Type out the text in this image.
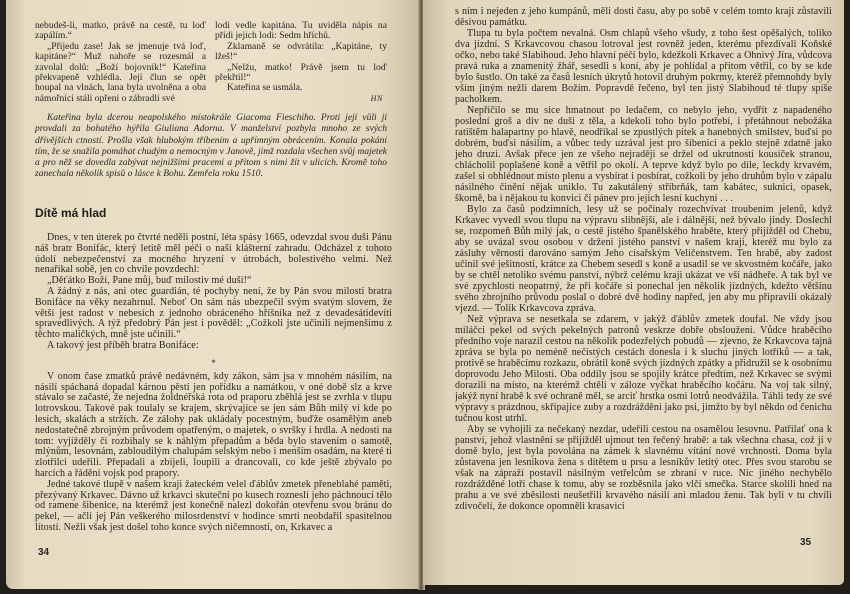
nebudeš-li, matko, právě na cestě, tu loď zapálím.“

„Přijedu zase! Jak se jmenuje tvá loď, kapitáne?“ Muž nahoře se rozesmál a zavolal dolů: „Boží bojovník!“ Kateřina překvapeně vzhlédla. Její člun se opět houpal na vlnách, lana byla uvolněna a oba námořníci stáli opřeni o zábradlí své

lodi vedle kapitána. Tu uviděla nápis na přídi jejich lodi: Sedm hříchů.

Zklamaně se odvrátila: „Kapitáne, ty lžeš!“

„Nelžu, matko! Právě jsem tu loď překřtil!“

Kateřina se usmála.

HN
Kateřina byla dcerou neapolského místokrále Giacoma Fieschiho. Proti její vůli ji provdali za bohatého hýřila Giuliana Adorna. V manželství pozbyla mnoho ze svých dřívějších ctností. Prošla však hlubokým tříbením a upřímným obrácením. Konala pokání tím, že se snažila pomáhat chudým a nemocným v Janově, jimž rozdala všechen svůj majetek a pro něž se dovedla zabývat nejnižšími pracemi a přitom s nimi žít v ulicích. Kromě toho zanechala několik spisů o lásce k Bohu. Zemřela roku 1510.
Dítě má hlad

Dnes, v ten úterek po čtvrté neděli postní, léta spásy 1665, odevzdal svou duši Pánu náš bratr Bonifác, který letitě měl péči o naši klášterní zahradu. Odcházel z tohoto údolí nebezpečenství za mocného hryzení v útrobách, bolestivého velmi. Než nenaříkal sobě, jen co chvíle povzdechl:

„Děťátko Boží, Pane můj, buď milostiv mé duši!“

A žádný z nás, ani otec guardián, té pochyby není, že by Pán svou milostí bratra Bonifáce na věky nezahrnul. Neboť On sám nás ubezpečil svým svatým slovem, že větší jest radost v nebesích z jednoho obráceného hříšníka než z devadesátidevíti spravedlivých. A týž předobrý Pán jest i pověděl: „Cožkoli jste učinili nejmenšímu z těchto maličkých, mně jste učinili.“

A takový jest příběh bratra Bonifáce:

*

V onom čase zmatků právě nedávném, kdy zákon, sám jsa v mnohém násilím, na násilí spáchaná dopadal kárnou pěstí jen pořídku a namátkou, v oné době slz a krve stávalo se začasté, že nejedna žoldnéřská rota od praporu zběhlá jest se zvrhla v tlupu lotrovskou. Takové pak toulaly se krajem, skrývajíce se jen sám Bůh milý ví kde po lesích, skalách a stržích. Ze zálohy pak ukládaly pocestným, buďže osamělým aneb nedostatečně zbrojným průvodem opatřeným, o majetek, o svršky i hrdla. A nedosti na tom: vyjížděly či rozbíhaly se k náhlým přepadům a běda bylo stavením o samotě, mlýnům, lesovnám, zabloudilým chalupám selským nebo i menším osadám, na které ti zlotřilci udeřili. Přepadali a zbíjeli, loupili a drancovali, co kde ještě zbývalo po harcích a řádění vojsk pod prapory.

Jedné takové tlupě v našem kraji žateckém velel ďáblův zmetek přeneblahé paměti, přezývaný Krkavec. Dávno už krkavci skuteční po kusech roznesli jeho páchnoucí tělo od ramene šibenice, na kterémž jest konečně nalezl dokořán otevřenu svou bránu do pekel, — ačli jej Pán veškerého milosrdenství v hodince smrti neobdařil spasitelnou lítostí. Nežli však jest došel toho konce svých ničemností, on, Krkavec a

34

s ním i nejeden z jeho kumpánů, měli dosti času, aby po sobě v celém tomto kraji zůstavili děsivou památku.

Tlupa tu byla počtem nevalná. Osm chlapů všeho všudy, z toho šest opěšalých, toliko dva jízdní. S Krkavcovou chasou lotroval jest rovněž jeden, kterému přezdívali Koňské očko, nebo také Slabihoud. Jeho hlavní péčí bylo, kdežkoli Krkavec a Ohnivý Jíra, vůdcova pravá ruka a znamenitý žhář, sesedli s koní, aby je pohlídal a přitom větřil, co by se kde bylo šustlo. On také za časů lesních úkrytů hotovil druhým pokrmy, kteréž přemnohdy byly vším jiným nežli darem Božím. Popravdě řečeno, byl ten jistý Slabihoud té tlupy spíše pacholkem.

Nepříčilo se mu sice hmatnout po ledačem, co nebylo jeho, vydřít z napadeného poslední groš a div ne duši z těla, a kdekoli toho bylo potřebí, i přetáhnout nebožáka ratištěm halapartny po hlavě, neodříkal se zpustlých pitek a hanebných smilstev, buďsi po dobrém, buďsi násilím, a vůbec tedy uzrával jest pro šibenici a peklo stejně zdatně jako jeho druzi. Avšak přece jen ze všeho nejraději se držel od ukrutností kousíček stranou, chlácholil poplašené koně a větřil po okolí. A teprve když bylo po díle, leckdy krvavém, zašel si obhlédnout místo plenu a vysbírat i posbírat, cožkoli by jeho druhům bylo v zápalu násilného činění nějak uniklo. Tu zakutálený stříbrňák, tam kabátec, suknici, opasek, škorně, ba i nějakou tu konvici či pánev pro jejich lesní kuchyni . . .

Bylo za časů podzimních, lesy už se počínaly rozechvívat troubením jelenů, když Krkavec vyvedl svou tlupu na výpravu slibnější, ale i dálnější, než bývalo jindy. Doslechl se, rozpomeň Bůh milý jak, o cestě jistého španělského hraběte, který přijížděl od Chebu, aby se uvázal svou osobou v držení jistého panství v našem kraji, kteréž mu bylo za zásluhy věrnosti darováno samým Jeho císařským Veličenstvem. Ten hrabě, aby zadost učinil své ješitnosti, krátce za Chebem sesedl s koně a usadil se ve skvostném kočáře, jako by se chtěl netoliko svému panství, nýbrž celému kraji ukázat ve vší nádheře. A tak byl ve své zpychlosti neopatrný, že při kočáře si ponechal jen několik jízdných, kdežto většinu svého zbrojního průvodu poslal o dobré dvě hodiny napřed, jen aby mu připravili okázalý vjezd. — Tolik Krkavcova zpráva.

Než výprava se nesetkala se zdarem, v jakýž ďáblův zmetek doufal. Ne vždy jsou miláčci pekel od svých pekelných patronů veskrze dobře obslouženi. Vůdce hraběcího předního voje narazil cestou na několik podezřelých pobudů — zjevno, že Krkavcova tajná zpráva se byla po neméně nečistých cestách donesla i k sluchu jiných lotříků — a tak, protivě se hraběcímu rozkazu, obrátil koně svých jízdných zpátky a přidružil se k osobnímu doprovodu Jeho Milosti. Oba oddíly jsou se spojily krátce předtím, než Krkavec se svými dorazili na místo, na kterémž chtěli v záloze vyčkat hraběcího kočáru. Na voj tak silný, jakýž nyní hrabě k své ochraně měl, se arciť hrstka osmi lotrů neodvážila. Táhli tedy ze své výpravy s prázdnou, skřípajíce zuby a rozdrážděni jako psi, jimžto by byl někdo od čenichu tučnou kost utrhl.

Aby se vyhojili za nečekaný nezdar, udeřili cestou na osamělou lesovnu. Patřilať ona k panství, jehož vlastnění se přijížděl ujmout ten řečený hrabě: a tak všechna chasa, což jí v domě bylo, jest byla povolána na zámek k slavnému vítání nové vrchnosti. Doma byla zůstavena jen lesníkova žena s dítětem u prsu a lesníkův letitý otec. Přes svou starobu se však na zápraží postavil násilným vetřelcům se zbraní v ruce. Nic jiného nechybělo rozdrážděné lotří chase k tomu, aby se rozběsnila jako vlčí smečka. Starce skolili hned na prahu a ve své zběsilosti neušetřili krvavého násilí ani mladou ženu. Tak byli v tu chvíli zdivočelí, že dokonce opomněli krasavici

35
